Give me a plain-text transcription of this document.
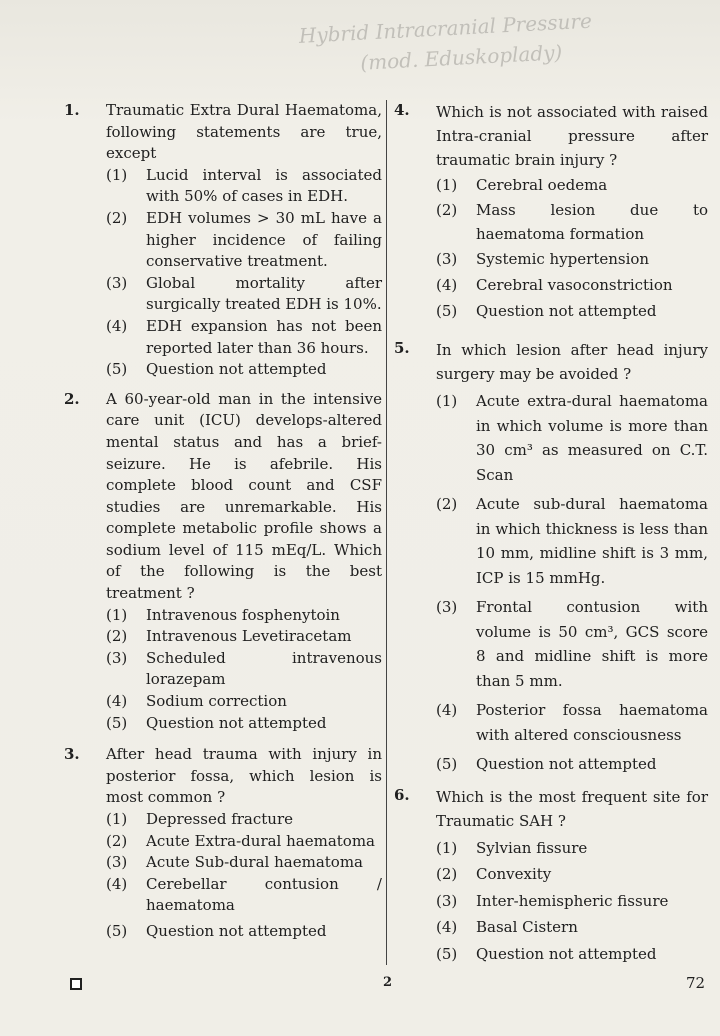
Hybrid Intracranial Pressure
(mod. Eduskoplady)
1. Traumatic Extra Dural Haematoma, following statements are true, except
(1) Lucid interval is associated with 50% of cases in EDH.
(2) EDH volumes > 30 mL have a higher incidence of failing conservative treatment.
(3) Global mortality after surgically treated EDH is 10%.
(4) EDH expansion has not been reported later than 36 hours.
(5) Question not attempted
2. A 60-year-old man in the intensive care unit (ICU) develops-altered mental status and has a brief-seizure. He is afebrile. His complete blood count and CSF studies are unremarkable. His complete metabolic profile shows a sodium level of 115 mEq/L. Which of the following is the best treatment ?
(1) Intravenous fosphenytoin
(2) Intravenous Levetiracetam
(3) Scheduled intravenous lorazepam
(4) Sodium correction
(5) Question not attempted
3. After head trauma with injury in posterior fossa, which lesion is most common ?
(1) Depressed fracture
(2) Acute Extra-dural haematoma
(3) Acute Sub-dural haematoma
(4) Cerebellar contusion / haematoma
(5) Question not attempted
4. Which is not associated with raised Intra-cranial pressure after traumatic brain injury ?
(1) Cerebral oedema
(2) Mass lesion due to haematoma formation
(3) Systemic hypertension
(4) Cerebral vasoconstriction
(5) Question not attempted
5. In which lesion after head injury surgery may be avoided ?
(1) Acute extra-dural haematoma in which volume is more than 30 cm³ as measured on C.T. Scan
(2) Acute sub-dural haematoma in which thickness is less than 10 mm, midline shift is 3 mm, ICP is 15 mmHg.
(3) Frontal contusion with volume is 50 cm³, GCS score 8 and midline shift is more than 5 mm.
(4) Posterior fossa haematoma with altered consciousness
(5) Question not attempted
6. Which is the most frequent site for Traumatic SAH ?
(1) Sylvian fissure
(2) Convexity
(3) Inter-hemispheric fissure
(4) Basal Cistern
(5) Question not attempted
2	72
